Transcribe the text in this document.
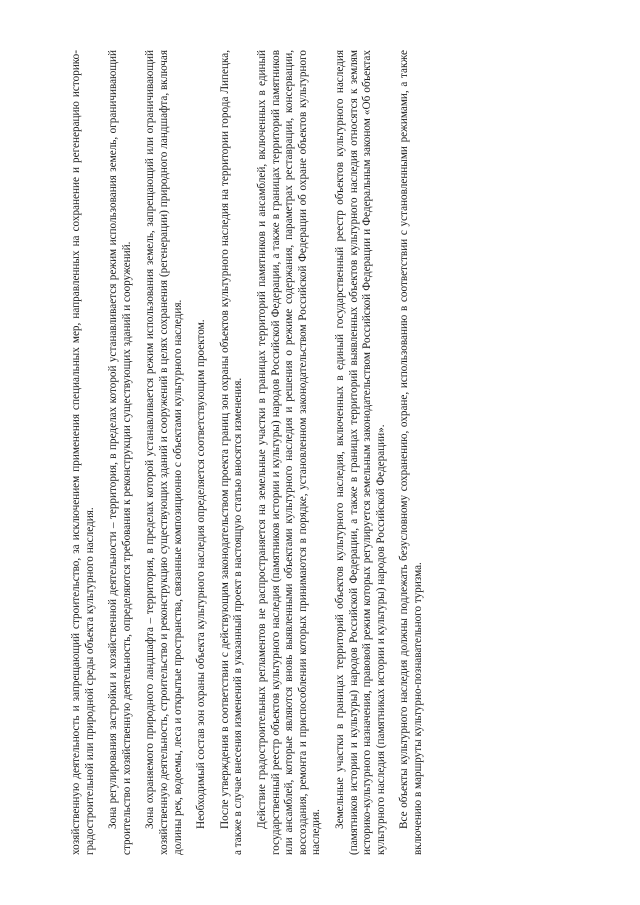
хозяйственную деятельность и запрещающий строительство, за исключением применения специальных мер, направленных на сохранение и регенерацию историко-градостроительной или природной среды объекта культурного наследия. Зона регулирования застройки и хозяйственной деятельности – территория, в пределах которой устанавливается режим использования земель, ограничивающий строительство и хозяйственную деятельность, определяются требования к реконструкции существующих зданий и сооружений. Зона охраняемого природного ландшафта – территория, в пределах которой устанавливается режим использования земель, запрещающий или ограничивающий хозяйственную деятельность, строительство и реконструкцию существующих зданий и сооружений в целях сохранения (регенерации) природного ландшафта, включая долины рек, водоемы, леса и открытые пространства, связанные композиционно с объектами культурного наследия. Необходимый состав зон охраны объекта культурного наследия определяется соответствующим проектом. После утверждения в соответствии с действующим законодательством проекта границ зон охраны объектов культурного наследия на территории города Липецка, а также в случае внесения изменений в указанный проект в настоящую статью вносятся изменения. Действие градостроительных регламентов не распространяется на земельные участки в границах территорий памятников и ансамблей, включенных в единый государственный реестр объектов культурного наследия (памятников истории и культуры) народов Российской Федерации, а также в границах территорий памятников или ансамблей, которые являются вновь выявленными объектами культурного наследия и решения о режиме содержания, параметрах реставрации, консервации, воссоздания, ремонта и приспособлении которых принимаются в порядке, установленном законодательством Российской Федерации об охране объектов культурного наследия.

Земельные участки в границах территорий объектов культурного наследия, включенных в единый государственный реестр объектов культурного наследия (памятников истории и культуры) народов Российской Федерации, а также в границах территорий выявленных объектов культурного наследия относятся к землям историко-культурного назначения, правовой режим которых регулируется земельным законодательством Российской Федерации и Федеральным законом «Об объектах культурного наследия (памятниках истории и культуры) народов Российской Федерации». Все объекты культурного наследия должны подлежать безусловному сохранению, охране, использованию в соответствии с установленными режимами, а также включению в маршруты культурно-познавательного туризма.
